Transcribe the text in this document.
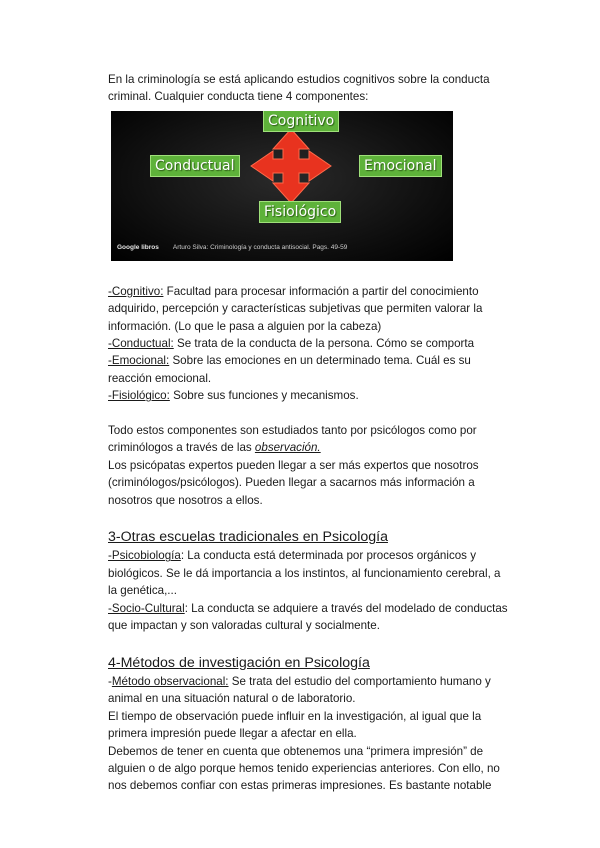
En la criminología se está aplicando estudios cognitivos sobre la conducta

criminal. Cualquier conducta tiene 4 componentes:

Cognitivo
Conductual	Emocional
Fisiológico
Google libros Arturo Silva: Criminología y conducta antisocial. Pags. 49-59

-Cognitivo: Facultad para procesar información a partir del conocimiento

adquirido, percepción y características subjetivas que permiten valorar la

información. (Lo que le pasa a alguien por la cabeza)

-Conductual: Se trata de la conducta de la persona. Cómo se comporta

-Emocional: Sobre las emociones en un determinado tema. Cuál es su

reacción emocional.

-Fisiológico: Sobre sus funciones y mecanismos.

Todo estos componentes son estudiados tanto por psicólogos como por

criminólogos a través de las observación.

Los psicópatas expertos pueden llegar a ser más expertos que nosotros

(criminólogos/psicólogos). Pueden llegar a sacarnos más información a

nosotros que nosotros a ellos.

3-Otras escuelas tradicionales en Psicología

-Psicobiología: La conducta está determinada por procesos orgánicos y

biológicos. Se le dá importancia a los instintos, al funcionamiento cerebral, a

la genética,...

-Socio-Cultural: La conducta se adquiere a través del modelado de conductas

que impactan y son valoradas cultural y socialmente.

4-Métodos de investigación en Psicología

-Método observacional: Se trata del estudio del comportamiento humano y

animal en una situación natural o de laboratorio.

El tiempo de observación puede influir en la investigación, al igual que la

primera impresión puede llegar a afectar en ella.

Debemos de tener en cuenta que obtenemos una “primera impresión” de

alguien o de algo porque hemos tenido experiencias anteriores. Con ello, no

nos debemos confiar con estas primeras impresiones. Es bastante notable
